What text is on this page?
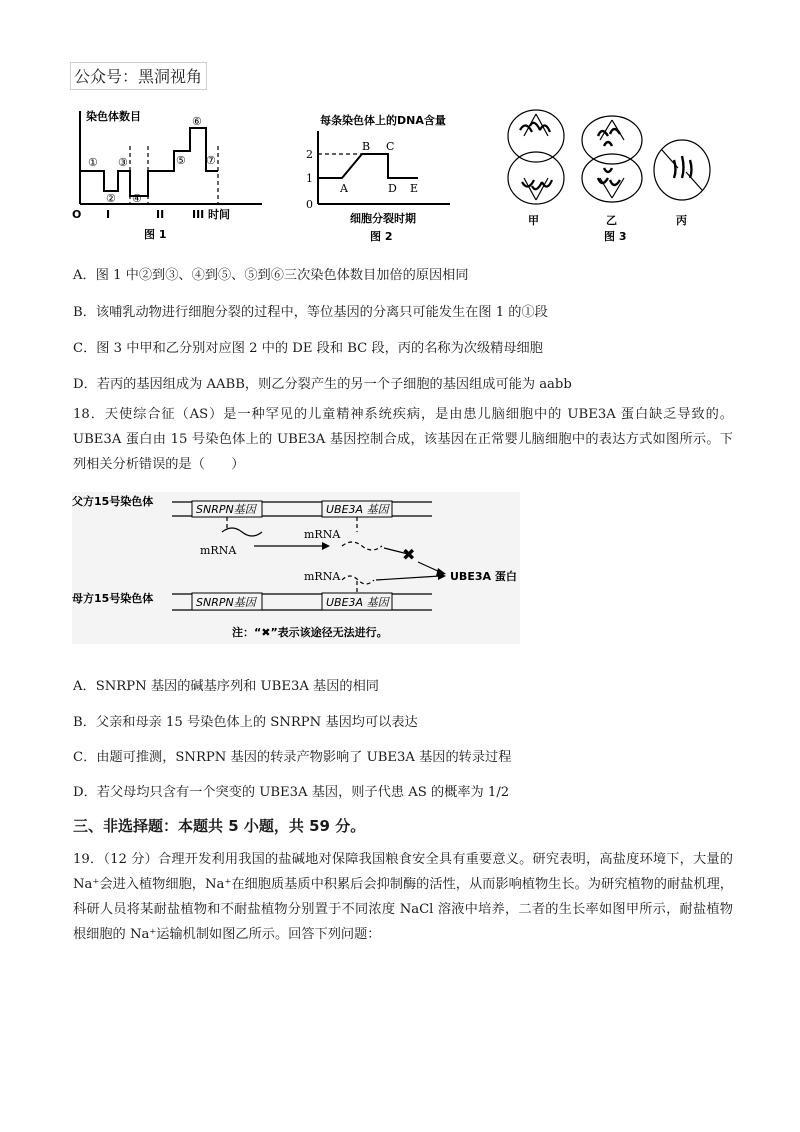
公众号：黑洞视角
染色体数目
①
②
③
④
⑤
⑥
⑦
O I	II	III 时间
图 1
每条染色体上的DNA含量
2
1
0
A
B C
D E
细胞分裂时期
图 2
甲	乙	丙
图 3
A．图 1 中②到③、④到⑤、⑤到⑥三次染色体数目加倍的原因相同
B．该哺乳动物进行细胞分裂的过程中，等位基因的分离只可能发生在图 1 的①段
C．图 3 中甲和乙分别对应图 2 中的 DE 段和 BC 段，丙的名称为次级精母细胞
D．若丙的基因组成为 AABB，则乙分裂产生的另一个子细胞的基因组成可能为 aabb
18．天使综合征（AS）是一种罕见的儿童精神系统疾病，是由患儿脑细胞中的 UBE3A 蛋白缺乏导致的。UBE3A 蛋白由 15 号染色体上的 UBE3A 基因控制合成，该基因在正常婴儿脑细胞中的表达方式如图所示。下列相关分析错误的是（　　）
✖
父方15号染色体
母方15号染色体
SNRPN基因	UBE3A 基因
SNRPN基因	UBE3A 基因
mRNA
mRNA
mRNA	UBE3A 蛋白
注：“✖”表示该途径无法进行。
A．SNRPN 基因的碱基序列和 UBE3A 基因的相同
B．父亲和母亲 15 号染色体上的 SNRPN 基因均可以表达
C．由题可推测，SNRPN 基因的转录产物影响了 UBE3A 基因的转录过程
D．若父母均只含有一个突变的 UBE3A 基因，则子代患 AS 的概率为 1/2
三、非选择题：本题共 5 小题，共 59 分。
19．（12 分）合理开发利用我国的盐碱地对保障我国粮食安全具有重要意义。研究表明，高盐度环境下，大量的 Na⁺会进入植物细胞，Na⁺在细胞质基质中积累后会抑制酶的活性，从而影响植物生长。为研究植物的耐盐机理，科研人员将某耐盐植物和不耐盐植物分别置于不同浓度 NaCl 溶液中培养，二者的生长率如图甲所示，耐盐植物根细胞的 Na⁺运输机制如图乙所示。回答下列问题：
